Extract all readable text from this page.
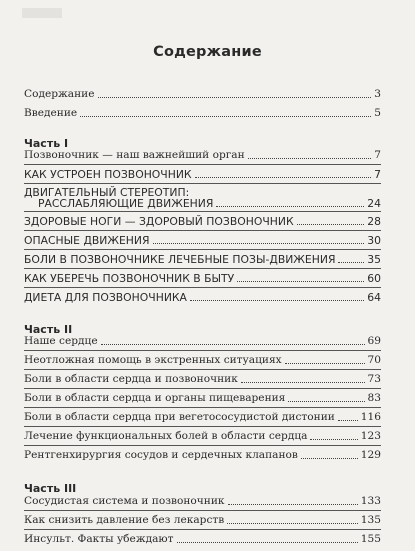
Содержание
Содержание	3
Введение	5
Часть I
Позвоночник — наш важнейший орган	7
КАК УСТРОЕН ПОЗВОНОЧНИК	7
ДВИГАТЕЛЬНЫЙ СТЕРЕОТИП:
РАССЛАБЛЯЮЩИЕ ДВИЖЕНИЯ	24
ЗДОРОВЫЕ НОГИ — ЗДОРОВЫЙ ПОЗВОНОЧНИК	28
ОПАСНЫЕ ДВИЖЕНИЯ	30
БОЛИ В ПОЗВОНОЧНИКЕ ЛЕЧЕБНЫЕ ПОЗЫ-ДВИЖЕНИЯ	35
КАК УБЕРЕЧЬ ПОЗВОНОЧНИК В БЫТУ	60
ДИЕТА ДЛЯ ПОЗВОНОЧНИКА	64
Часть II
Наше сердце	69
Неотложная помощь в экстренных ситуациях	70
Боли в области сердца и позвоночник	73
Боли в области сердца и органы пищеварения	83
Боли в области сердца при вегетососудистой дистонии 116
Лечение функциональных болей в области сердца	123
Рентгенхирургия сосудов и сердечных клапанов	129
Часть III
Сосудистая система и позвоночник	133
Как снизить давление без лекарств	135
Инсульт. Факты убеждают	155
